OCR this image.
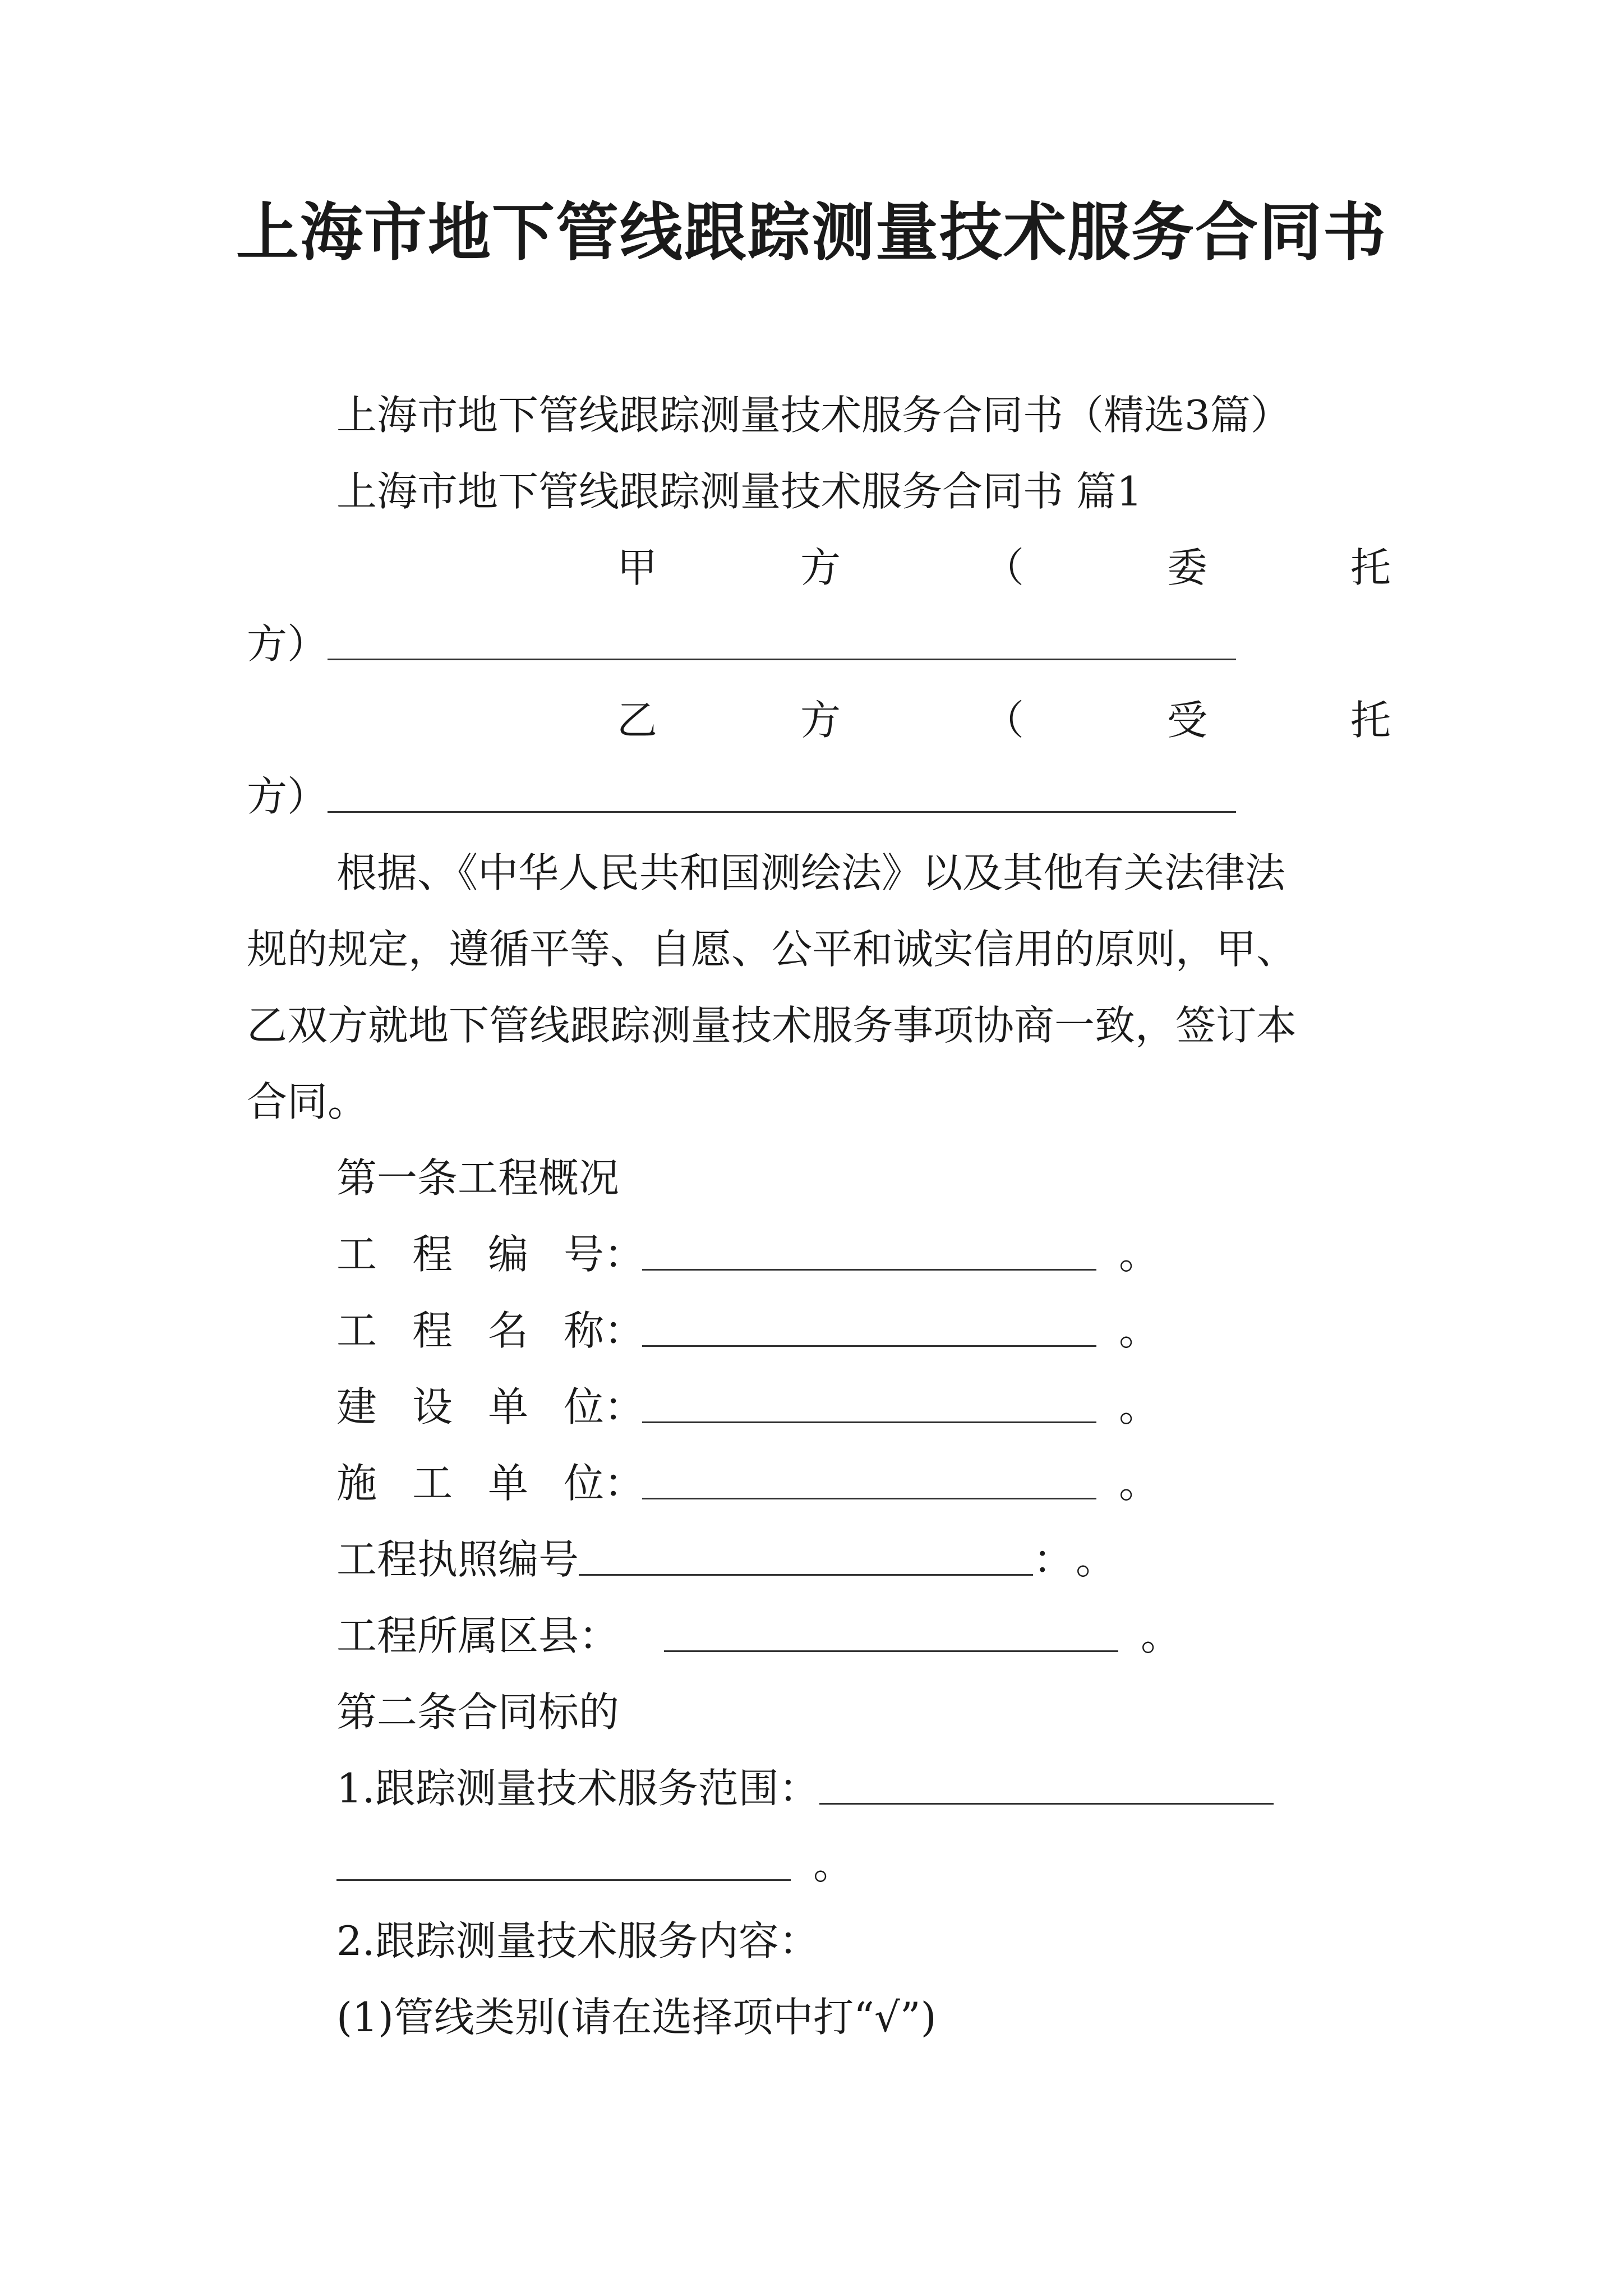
上海市地下管线跟踪测量技术服务合同书
上海市地下管线跟踪测量技术服务合同书（精选3篇）
上海市地下管线跟踪测量技术服务合同书 篇1
甲	方	（	委	托
方）
乙	方	（	受	托
方）
根据、《中华人民共和国测绘法》以及其他有关法律法
规的规定，遵循平等、自愿、公平和诚实信用的原则，甲、
乙双方就地下管线跟踪测量技术服务事项协商一致，签订本
合同。
第一条工程概况
工 程 编 号：	。
工 程 名 称：	。
建 设 单 位：	。
施 工 单 位：	。
工程执照编号	： 。
工程所属区县：	。
第二条合同标的
1.跟踪测量技术服务范围：
。
2.跟踪测量技术服务内容：
(1)管线类别(请在选择项中打“√”)
